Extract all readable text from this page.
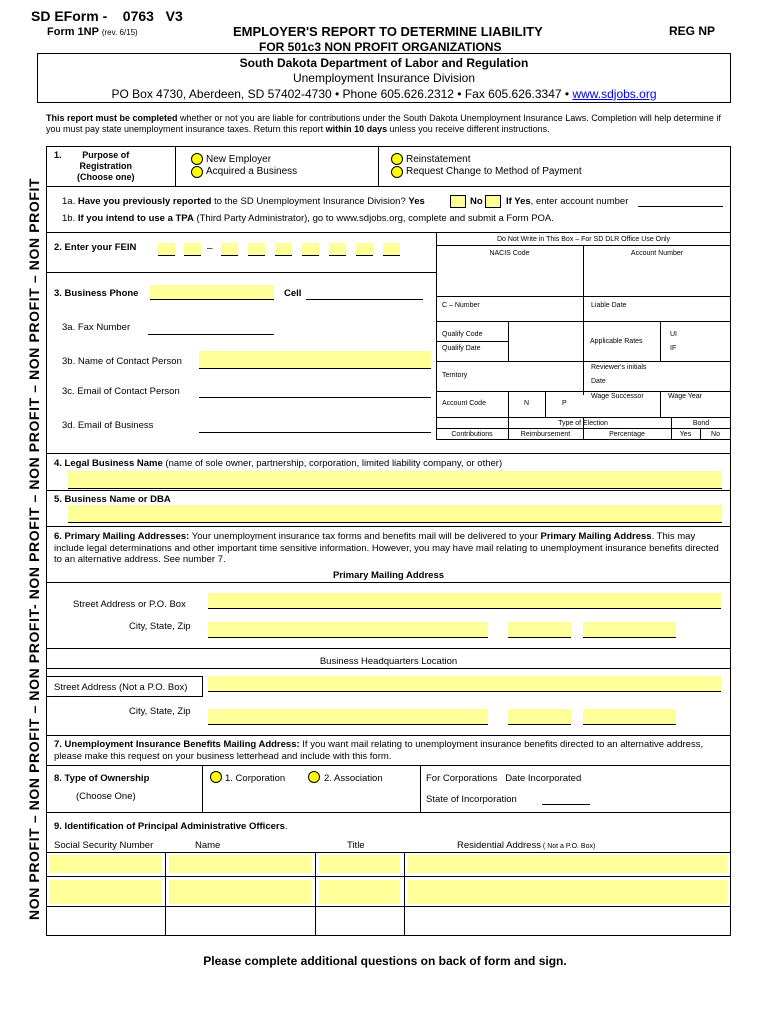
NON PROFIT – NON PROFIT – NON PROFIT- NON PROFIT – NON PROFIT – NON PROFIT – NON PROFIT
SD EForm -    0763   V3
Form 1NP (rev. 6/15)	EMPLOYER'S REPORT TO DETERMINE LIABILITY	REG NP
FOR 501c3 NON PROFIT ORGANIZATIONS
South Dakota Department of Labor and Regulation
Unemployment Insurance Division
PO Box 4730, Aberdeen, SD 57402-4730 • Phone 605.626.2312 • Fax 605.626.3347 • www.sdjobs.org
This report must be completed whether or not you are liable for contributions under the South Dakota Unemployment Insurance Laws. Completion will help determine if you must pay state unemployment insurance taxes. Return this report within 10 days unless you receive different instructions.
1.	Purpose of
Registration
(Choose one)
New Employer
Acquired a Business
Reinstatement
Request Change to Method of Payment
1a. Have you previously reported to the SD Unemployment Insurance Division? Yes	No If Yes, enter account number
1b. If you intend to use a TPA (Third Party Administrator), go to www.sdjobs.org, complete and submit a Form POA.
2. Enter your FEIN	–
3. Business Phone	Cell
3a. Fax Number
3b. Name of Contact Person
3c. Email of Contact Person
3d. Email of Business
Do Not Write in This Box – For SD DLR Office Use Only
NACIS Code	Account Number
C – Number	Liable Date
Qualify Code
Qualify Date
Applicable Rates
UI
IF
Territory
Reviewer's initials
Date
Account Code	N	P
Wage Successor	Wage Year
Type of Election	Bond
Contributions	Reimbursement	Percentage	Yes	No
4. Legal Business Name (name of sole owner, partnership, corporation, limited liability company, or other)
5. Business Name or DBA
6. Primary Mailing Addresses: Your unemployment insurance tax forms and benefits mail will be delivered to your Primary Mailing Address. This may include legal determinations and other important time sensitive information. However, you may have mail relating to unemployment insurance benefits directed to an alternative address. See number 7.
Primary Mailing Address
Street Address or P.O. Box
City, State, Zip
Business Headquarters Location
Street Address (Not a P.O. Box)
City, State, Zip
7. Unemployment Insurance Benefits Mailing Address: If you want mail relating to unemployment insurance benefits directed to an alternative address, please make this request on your business letterhead and include with this form.
8. Type of Ownership
(Choose One)
1. Corporation	2. Association	For Corporations   Date Incorporated
State of Incorporation
9. Identification of Principal Administrative Officers.
Social Security Number	Name	Title	Residential Address ( Not a P.O. Box)
Please complete additional questions on back of form and sign.
